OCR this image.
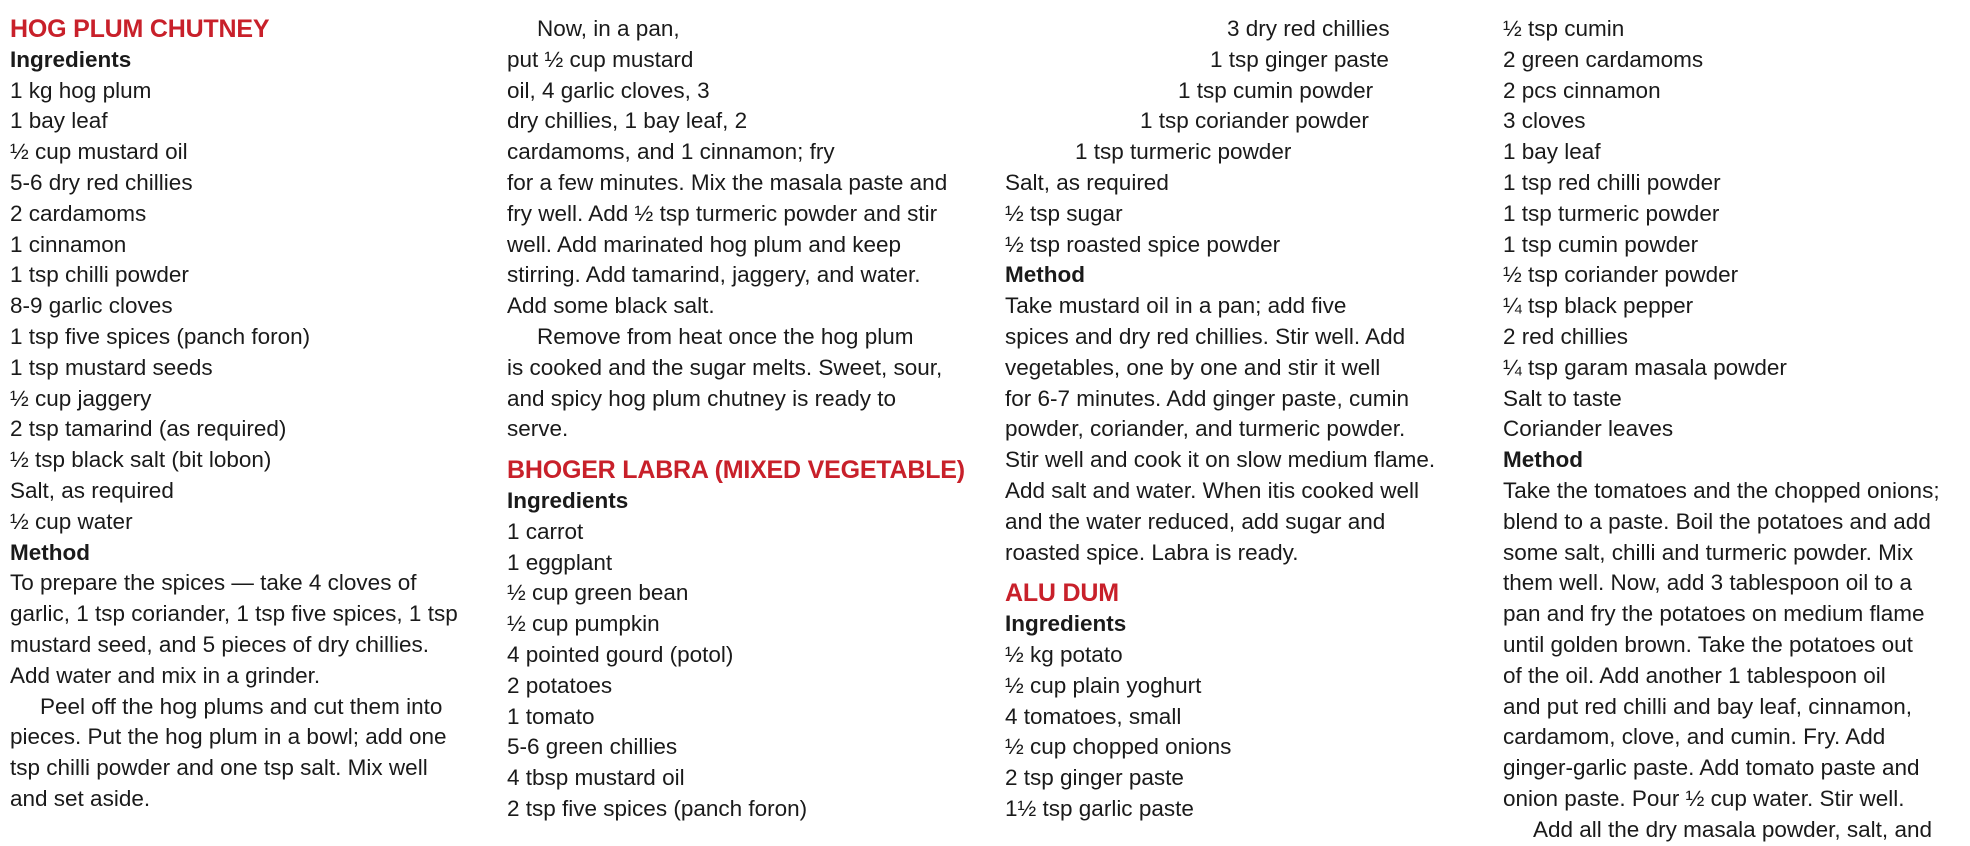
HOG PLUM CHUTNEY
Ingredients
1 kg hog plum
1 bay leaf
½ cup mustard oil
5-6 dry red chillies
2 cardamoms
1 cinnamon
1 tsp chilli powder
8-9 garlic cloves
1 tsp five spices (panch foron)
1 tsp mustard seeds
½ cup jaggery
2 tsp tamarind (as required)
½ tsp black salt (bit lobon)
Salt, as required
½ cup water
Method
To prepare the spices — take 4 cloves of
garlic, 1 tsp coriander, 1 tsp five spices, 1 tsp
mustard seed, and 5 pieces of dry chillies.
Add water and mix in a grinder.
Peel off the hog plums and cut them into
pieces. Put the hog plum in a bowl; add one
tsp chilli powder and one tsp salt. Mix well
and set aside.
Now, in a pan,
put ½ cup mustard
oil, 4 garlic cloves, 3
dry chillies, 1 bay leaf, 2
cardamoms, and 1 cinnamon; fry
for a few minutes. Mix the masala paste and
fry well. Add ½ tsp turmeric powder and stir
well. Add marinated hog plum and keep
stirring. Add tamarind, jaggery, and water.
Add some black salt.
Remove from heat once the hog plum
is cooked and the sugar melts. Sweet, sour,
and spicy hog plum chutney is ready to
serve.
BHOGER LABRA (MIXED VEGETABLE)
Ingredients
1 carrot
1 eggplant
½ cup green bean
½ cup pumpkin
4 pointed gourd (potol)
2 potatoes
1 tomato
5-6 green chillies
4 tbsp mustard oil
2 tsp five spices (panch foron)
3 dry red chillies
1 tsp ginger paste
1 tsp cumin powder
1 tsp coriander powder
1 tsp turmeric powder
Salt, as required
½ tsp sugar
½ tsp roasted spice powder
Method
Take mustard oil in a pan; add five
spices and dry red chillies. Stir well. Add
vegetables, one by one and stir it well
for 6-7 minutes. Add ginger paste, cumin
powder, coriander, and turmeric powder.
Stir well and cook it on slow medium flame.
Add salt and water. When itis cooked well
and the water reduced, add sugar and
roasted spice. Labra is ready.
ALU DUM
Ingredients
½ kg potato
½ cup plain yoghurt
4 tomatoes, small
½ cup chopped onions
2 tsp ginger paste
1½ tsp garlic paste
½ tsp cumin
2 green cardamoms
2 pcs cinnamon
3 cloves
1 bay leaf
1 tsp red chilli powder
1 tsp turmeric powder
1 tsp cumin powder
½ tsp coriander powder
¼ tsp black pepper
2 red chillies
¼ tsp garam masala powder
Salt to taste
Coriander leaves
Method
Take the tomatoes and the chopped onions;
blend to a paste. Boil the potatoes and add
some salt, chilli and turmeric powder. Mix
them well. Now, add 3 tablespoon oil to a
pan and fry the potatoes on medium flame
until golden brown. Take the potatoes out
of the oil. Add another 1 tablespoon oil
and put red chilli and bay leaf, cinnamon,
cardamom, clove, and cumin. Fry. Add
ginger-garlic paste. Add tomato paste and
onion paste. Pour ½ cup water. Stir well.
Add all the dry masala powder, salt, and
